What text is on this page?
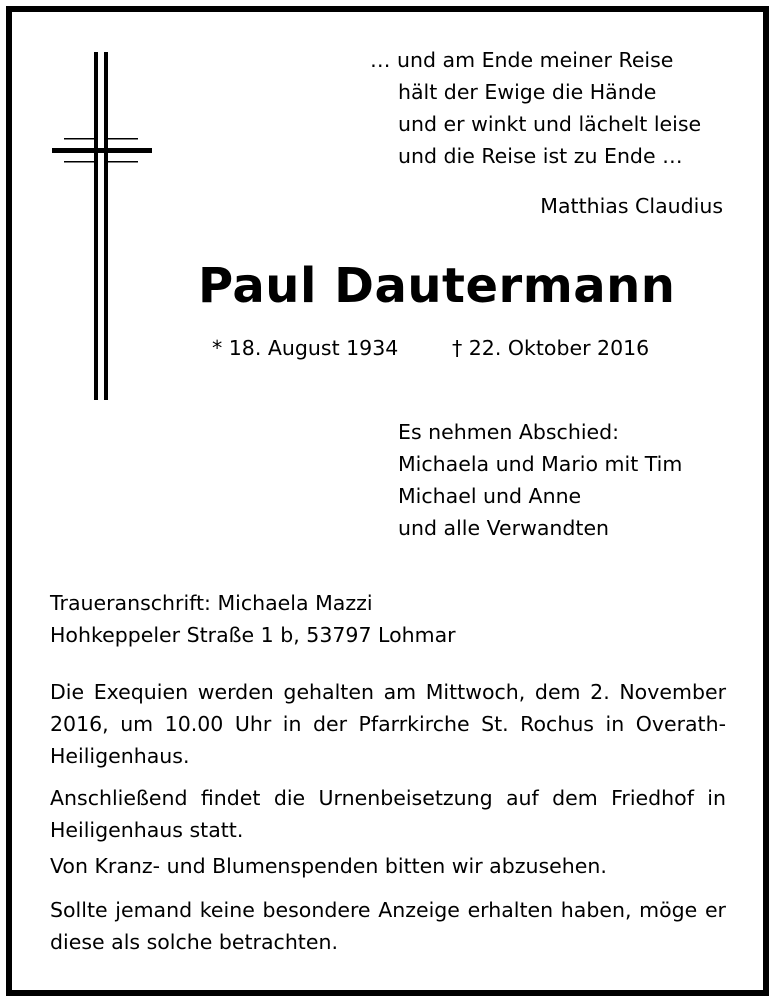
… und am Ende meiner Reise
hält der Ewige die Hände
und er winkt und lächelt leise
und die Reise ist zu Ende …
Matthias Claudius
Paul Dautermann
* 18. August 1934	† 22. Oktober 2016
Es nehmen Abschied:
Michaela und Mario mit Tim
Michael und Anne
und alle Verwandten
Traueranschrift: Michaela Mazzi
Hohkeppeler Straße 1 b, 53797 Lohmar
Die Exequien werden gehalten am Mittwoch, dem 2. November 2016, um 10.00 Uhr in der Pfarrkirche St. Rochus in Overath-Heiligenhaus.
Anschließend findet die Urnenbeisetzung auf dem Friedhof in Heiligenhaus statt.
Von Kranz- und Blumenspenden bitten wir abzusehen.
Sollte jemand keine besondere Anzeige erhalten haben, möge er diese als solche betrachten.
